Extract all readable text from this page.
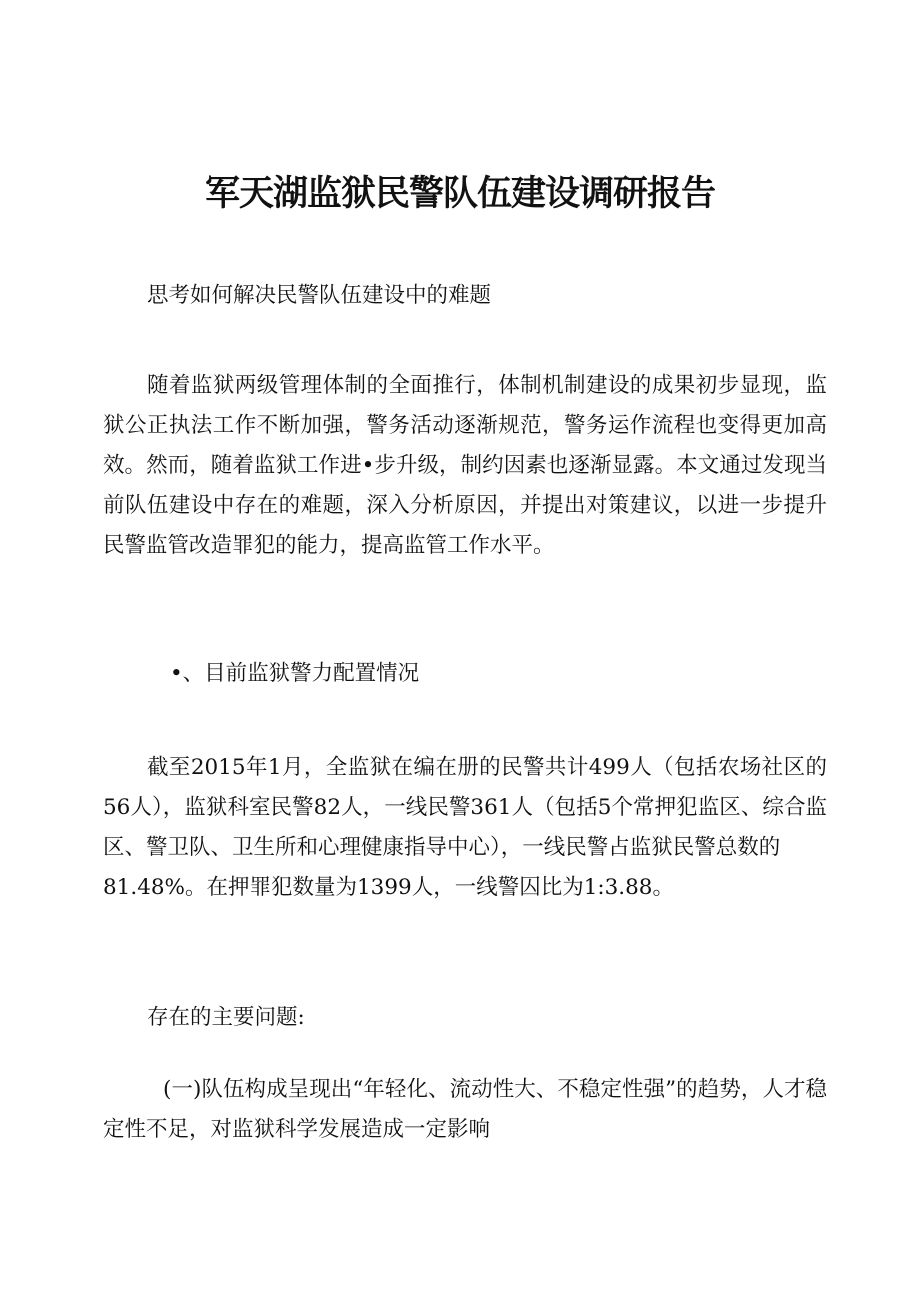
军天湖监狱民警队伍建设调研报告

思考如何解决民警队伍建设中的难题

随着监狱两级管理体制的全面推行，体制机制建设的成果初步显现，监狱公正执法工作不断加强，警务活动逐渐规范，警务运作流程也变得更加高效。然而，随着监狱工作进•步升级，制约因素也逐渐显露。本文通过发现当前队伍建设中存在的难题，深入分析原因，并提出对策建议，以进一步提升民警监管改造罪犯的能力，提高监管工作水平。

•、目前监狱警力配置情况

截至2015年1月，全监狱在编在册的民警共计499人（包括农场社区的56人），监狱科室民警82人，一线民警361人（包括5个常押犯监区、综合监区、警卫队、卫生所和心理健康指导中心），一线民警占监狱民警总数的
81.48%。在押罪犯数量为1399人，一线警囚比为1:3.88。

存在的主要问题:

(一)队伍构成呈现出“年轻化、流动性大、不稳定性强”的趋势，人才稳定性不足，对监狱科学发展造成一定影响
